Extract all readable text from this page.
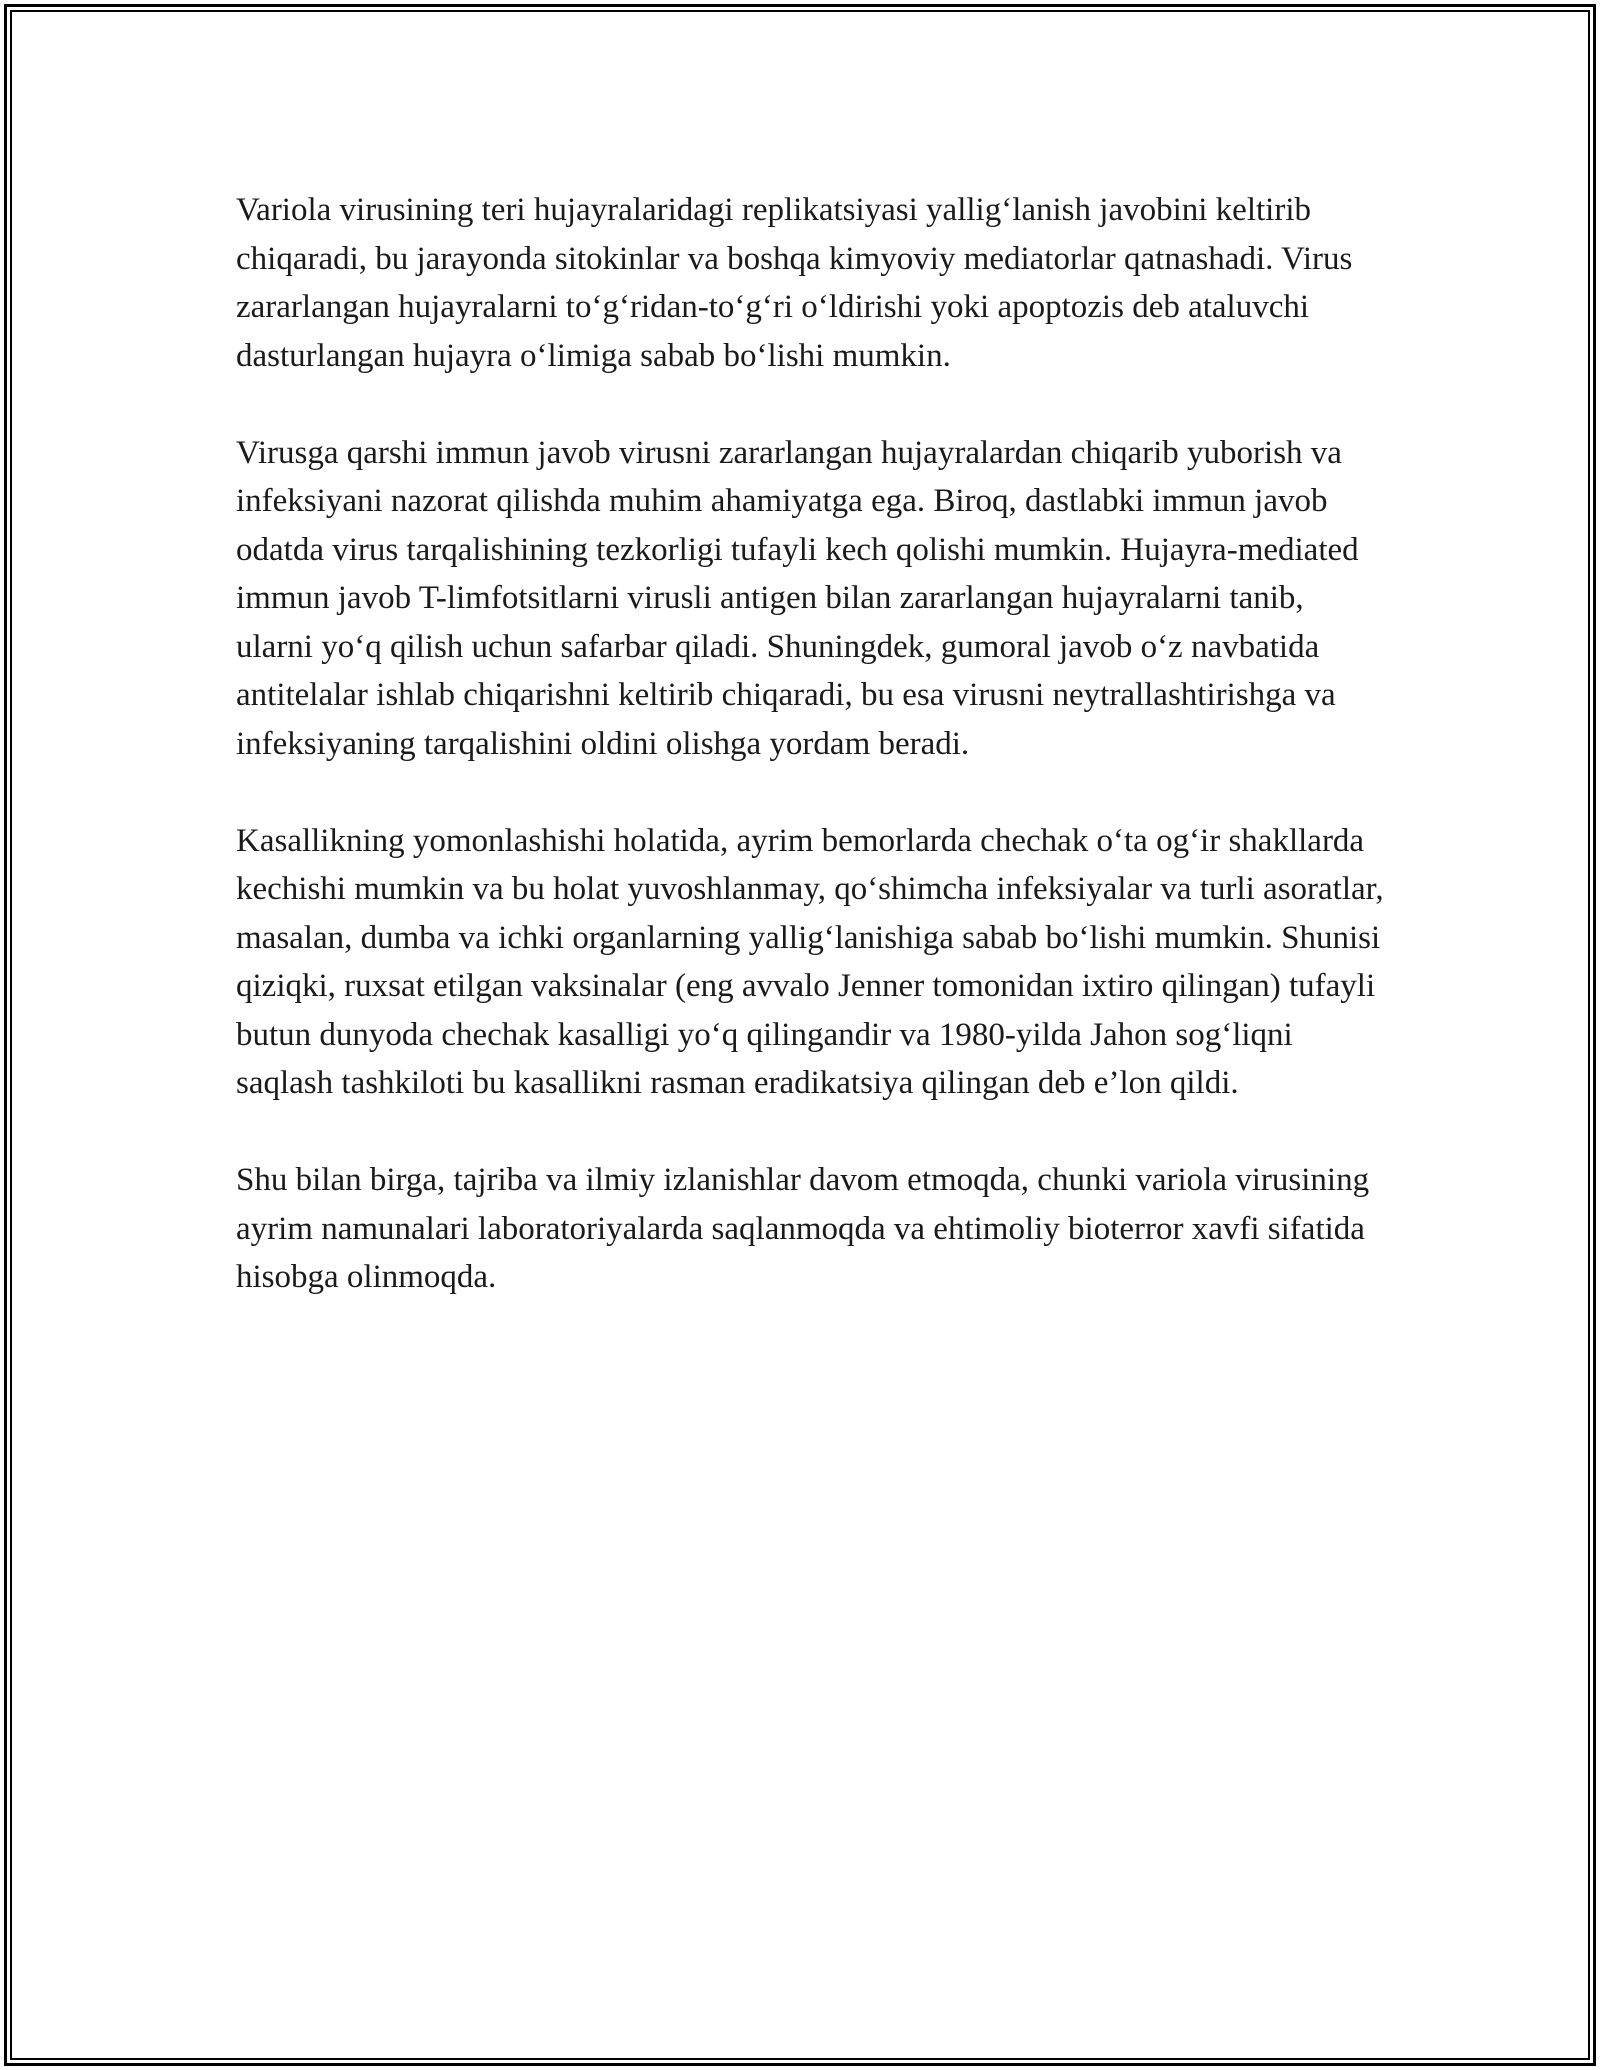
Variola virusining teri hujayralaridagi replikatsiyasi yallig‘lanish javobini keltirib chiqaradi, bu jarayonda sitokinlar va boshqa kimyoviy mediatorlar qatnashadi. Virus zararlangan hujayralarni to‘g‘ridan-to‘g‘ri o‘ldirishi yoki apoptozis deb ataluvchi dasturlangan hujayra o‘limiga sabab bo‘lishi mumkin.

Virusga qarshi immun javob virusni zararlangan hujayralardan chiqarib yuborish va infeksiyani nazorat qilishda muhim ahamiyatga ega. Biroq, dastlabki immun javob odatda virus tarqalishining tezkorligi tufayli kech qolishi mumkin. Hujayra-mediated immun javob T-limfotsitlarni virusli antigen bilan zararlangan hujayralarni tanib, ularni yo‘q qilish uchun safarbar qiladi. Shuningdek, gumoral javob o‘z navbatida antitelalar ishlab chiqarishni keltirib chiqaradi, bu esa virusni neytrallashtirishga va infeksiyaning tarqalishini oldini olishga yordam beradi.

Kasallikning yomonlashishi holatida, ayrim bemorlarda chechak o‘ta og‘ir shakllarda kechishi mumkin va bu holat yuvoshlanmay, qo‘shimcha infeksiyalar va turli asoratlar, masalan, dumba va ichki organlarning yallig‘lanishiga sabab bo‘lishi mumkin. Shunisi qiziqki, ruxsat etilgan vaksinalar (eng avvalo Jenner tomonidan ixtiro qilingan) tufayli butun dunyoda chechak kasalligi yo‘q qilingandir va 1980-yilda Jahon sog‘liqni saqlash tashkiloti bu kasallikni rasman eradikatsiya qilingan deb e’lon qildi.

Shu bilan birga, tajriba va ilmiy izlanishlar davom etmoqda, chunki variola virusining ayrim namunalari laboratoriyalarda saqlanmoqda va ehtimoliy bioterror xavfi sifatida hisobga olinmoqda.
